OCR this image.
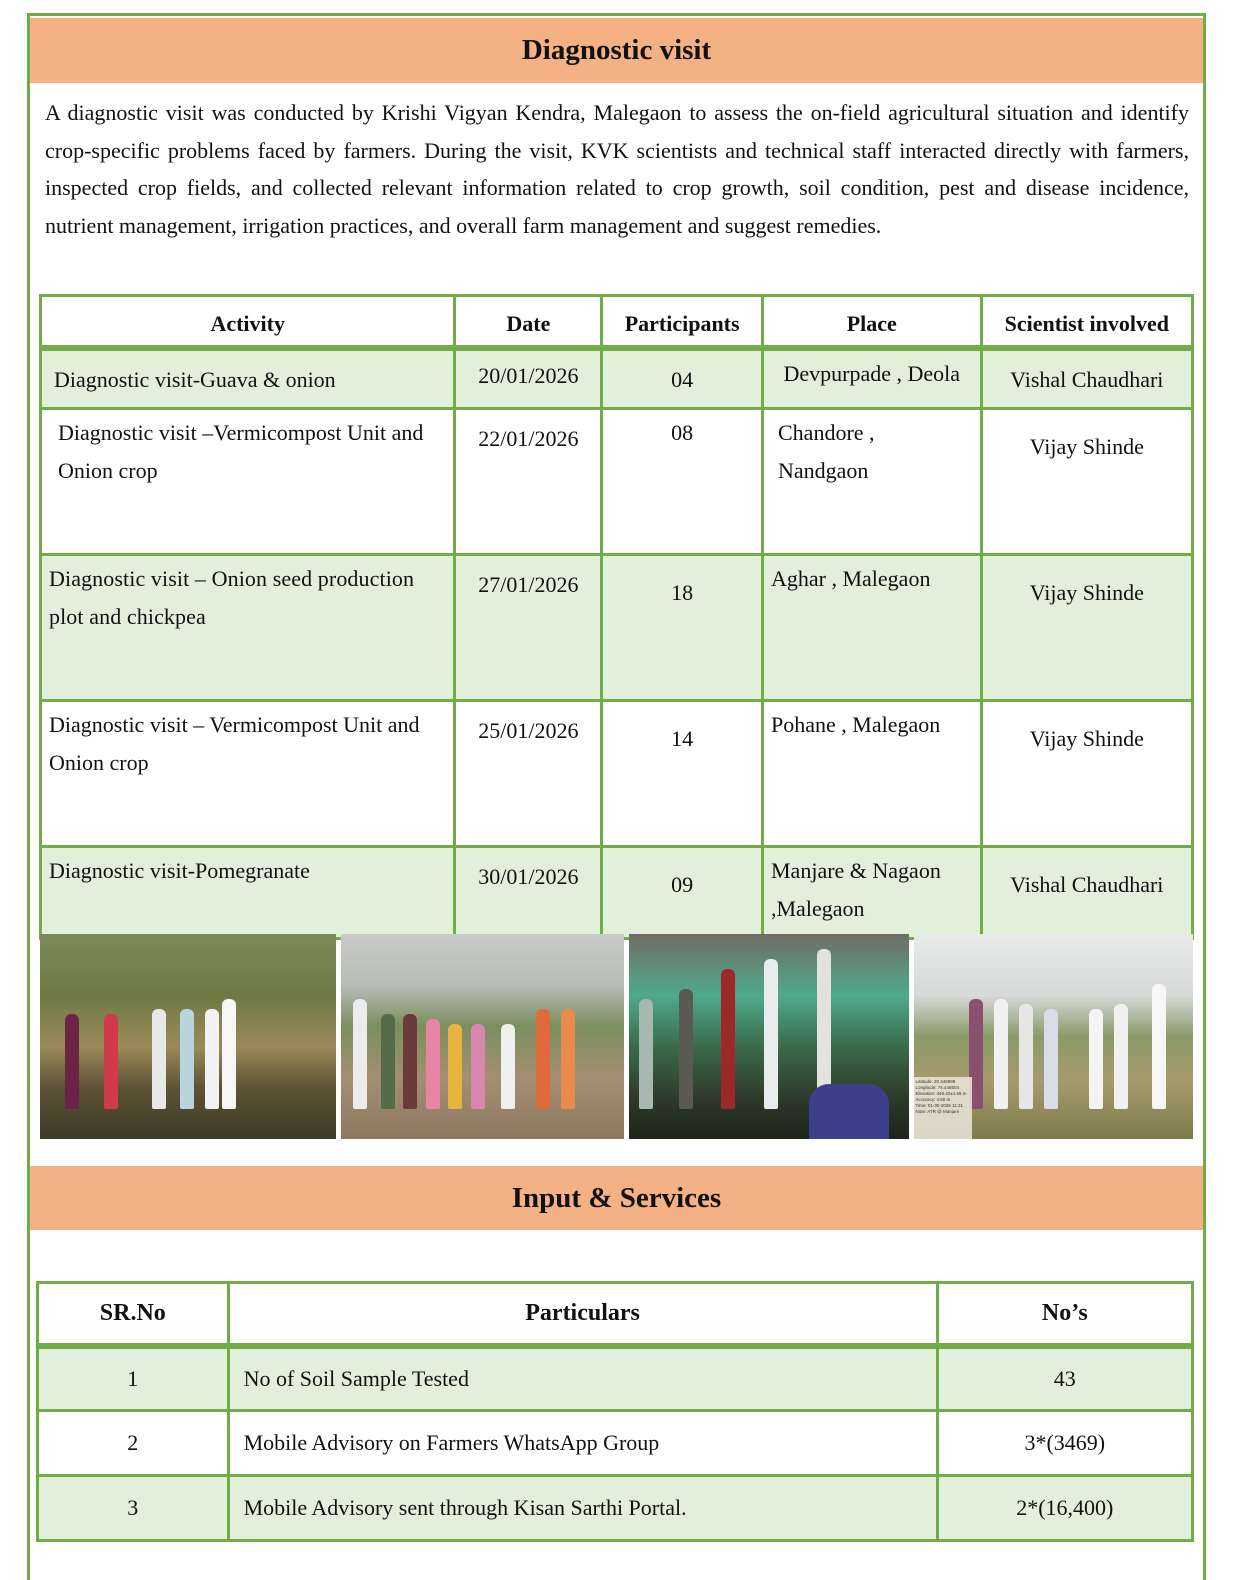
Diagnostic visit

A diagnostic visit was conducted by Krishi Vigyan Kendra, Malegaon to assess the on-field agricultural situation and identify crop-specific problems faced by farmers. During the visit, KVK scientists and technical staff interacted directly with farmers, inspected crop fields, and collected relevant information related to crop growth, soil condition, pest and disease incidence, nutrient management, irrigation practices, and overall farm management and suggest remedies.

Activity	Date	Participants	Place	Scientist involved
Diagnostic visit-Guava & onion	20/01/2026	04	Devpurpade , Deola	Vishal Chaudhari
Diagnostic visit –Vermicompost Unit and Onion crop	22/01/2026	08	Chandore , Nandgaon	Vijay Shinde
Diagnostic visit – Onion seed production plot and chickpea	27/01/2026	18	Aghar , Malegaon	Vijay Shinde
Diagnostic visit – Vermicompost Unit and Onion crop	25/01/2026	14	Pohane , Malegaon	Vijay Shinde
Diagnostic visit-Pomegranate	30/01/2026	09	Manjare & Nagaon ,Malegaon	Vishal Chaudhari
Latitude: 20.446989
Longitude: 74.448504
Elevation: 449.42±4.65 m
Accuracy: 4.50 m
Time: 01-30-2026 11:31
Note: ATR @ Manjare
Input & Services
SR.No	Particulars	No’s
1	No of Soil Sample Tested	43
2	Mobile Advisory on Farmers WhatsApp Group	3*(3469)
3	Mobile Advisory sent through Kisan Sarthi Portal.	2*(16,400)
